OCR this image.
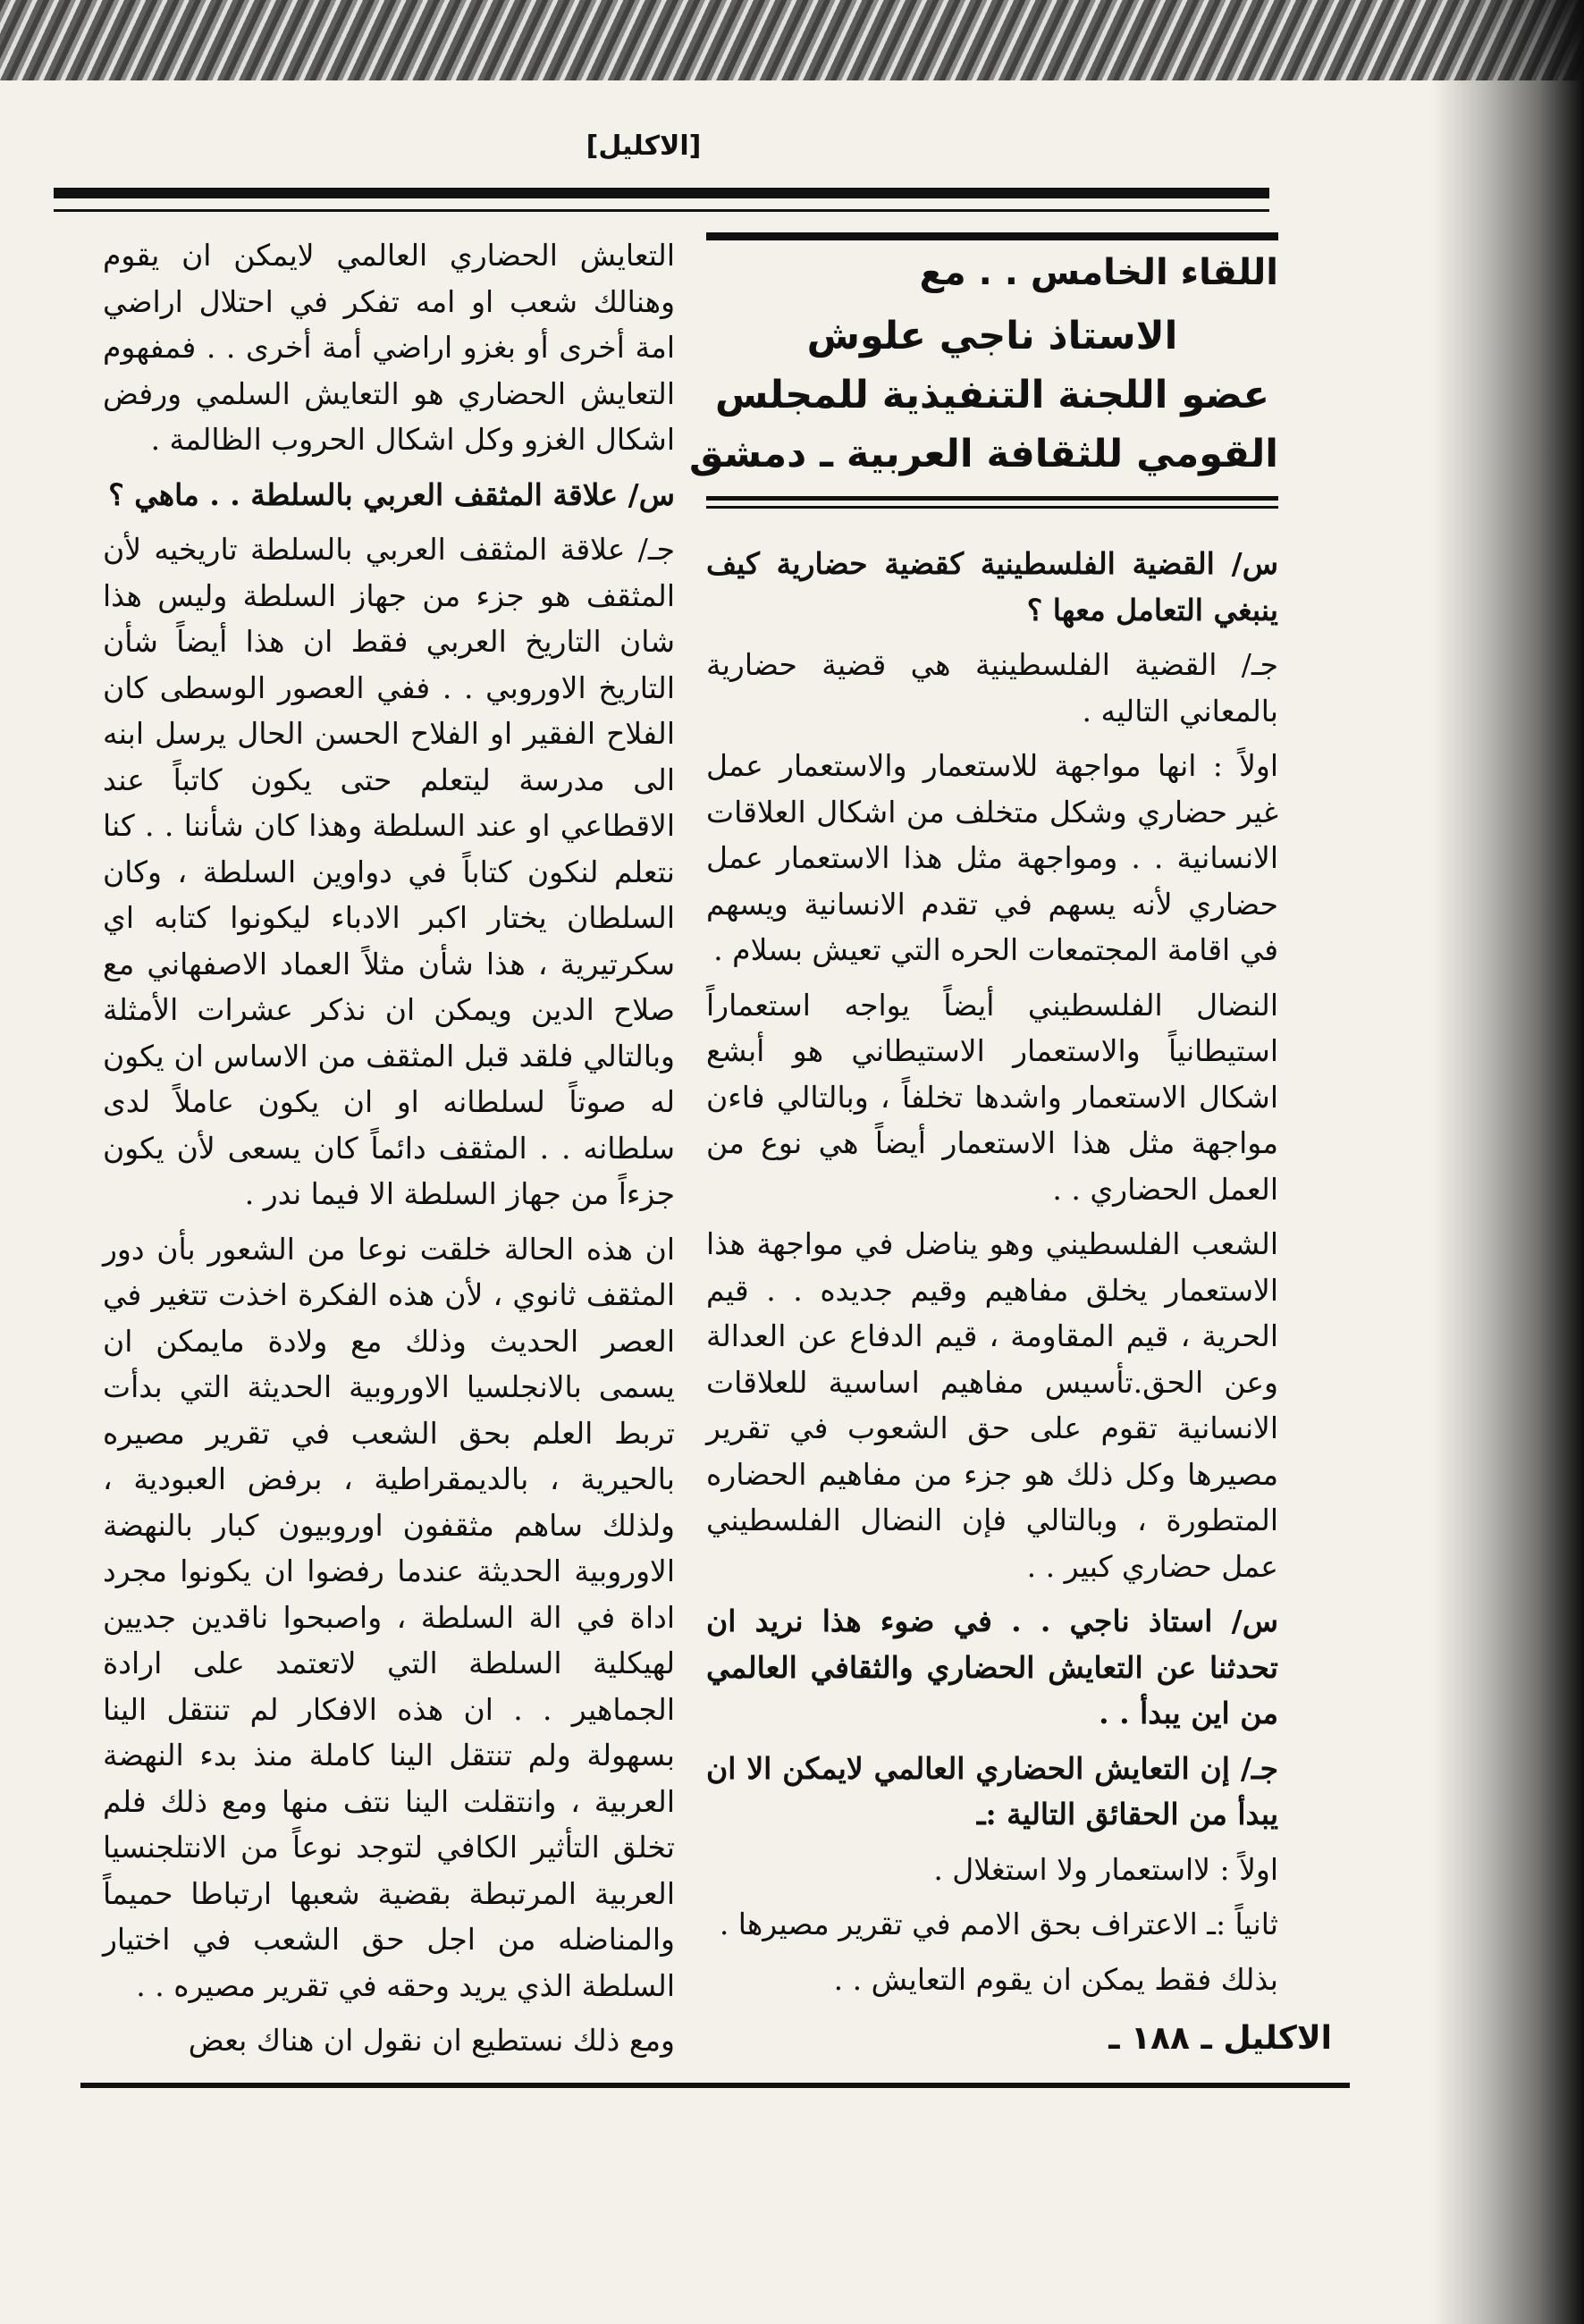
[الاكليل]
اللقاء الخامس . . مع
الاستاذ ناجي علوش
عضو اللجنة التنفيذية للمجلس
القومي للثقافة العربية ـ دمشق

س/ القضية الفلسطينية كقضية حضارية كيف ينبغي التعامل معها ؟

جـ/ القضية الفلسطينية هي قضية حضارية بالمعاني التاليه .

اولاً : انها مواجهة للاستعمار والاستعمار عمل غير حضاري وشكل متخلف من اشكال العلاقات الانسانية . . ومواجهة مثل هذا الاستعمار عمل حضاري لأنه يسهم في تقدم الانسانية ويسهم في اقامة المجتمعات الحره التي تعيش بسلام .

النضال الفلسطيني أيضاً يواجه استعماراً استيطانياً والاستعمار الاستيطاني هو أبشع اشكال الاستعمار واشدها تخلفاً ، وبالتالي فاءن مواجهة مثل هذا الاستعمار أيضاً هي نوع من العمل الحضاري . .

الشعب الفلسطيني وهو يناضل في مواجهة هذا الاستعمار يخلق مفاهيم وقيم جديده . . قيم الحرية ، قيم المقاومة ، قيم الدفاع عن العدالة وعن الحق.تأسيس مفاهيم اساسية للعلاقات الانسانية تقوم على حق الشعوب في تقرير مصيرها وكل ذلك هو جزء من مفاهيم الحضاره المتطورة ، وبالتالي فإن النضال الفلسطيني عمل حضاري كبير . .

س/ استاذ ناجي . . في ضوء هذا نريد ان تحدثنا عن التعايش الحضاري والثقافي العالمي من اين يبدأ . .

جـ/ إن التعايش الحضاري العالمي لايمكن الا ان يبدأ من الحقائق التالية :ـ

اولاً : لااستعمار ولا استغلال .

ثانياً :ـ الاعتراف بحق الامم في تقرير مصيرها .

بذلك فقط يمكن ان يقوم التعايش . .

التعايش الحضاري العالمي لايمكن ان يقوم وهنالك شعب او امه تفكر في احتلال اراضي امة أخرى أو بغزو اراضي أمة أخرى . . فمفهوم التعايش الحضاري هو التعايش السلمي ورفض اشكال الغزو وكل اشكال الحروب الظالمة .

س/ علاقة المثقف العربي بالسلطة . . ماهي ؟

جـ/ علاقة المثقف العربي بالسلطة تاريخيه لأن المثقف هو جزء من جهاز السلطة وليس هذا شان التاريخ العربي فقط ان هذا أيضاً شأن التاريخ الاوروبي . . ففي العصور الوسطى كان الفلاح الفقير او الفلاح الحسن الحال يرسل ابنه الى مدرسة ليتعلم حتى يكون كاتباً عند الاقطاعي او عند السلطة وهذا كان شأننا . . كنا نتعلم لنكون كتاباً في دواوين السلطة ، وكان السلطان يختار اكبر الادباء ليكونوا كتابه اي سكرتيرية ، هذا شأن مثلاً العماد الاصفهاني مع صلاح الدين ويمكن ان نذكر عشرات الأمثلة وبالتالي فلقد قبل المثقف من الاساس ان يكون له صوتاً لسلطانه او ان يكون عاملاً لدى سلطانه . . المثقف دائماً كان يسعى لأن يكون جزءاً من جهاز السلطة الا فيما ندر .

ان هذه الحالة خلقت نوعا من الشعور بأن دور المثقف ثانوي ، لأن هذه الفكرة اخذت تتغير في العصر الحديث وذلك مع ولادة مايمكن ان يسمى بالانجلسيا الاوروبية الحديثة التي بدأت تربط العلم بحق الشعب في تقرير مصيره بالحيرية ، بالديمقراطية ، برفض العبودية ، ولذلك ساهم مثقفون اوروبيون كبار بالنهضة الاوروبية الحديثة عندما رفضوا ان يكونوا مجرد اداة في الة السلطة ، واصبحوا ناقدين جديين لهيكلية السلطة التي لاتعتمد على ارادة الجماهير . . ان هذه الافكار لم تنتقل الينا بسهولة ولم تنتقل الينا كاملة منذ بدء النهضة العربية ، وانتقلت الينا نتف منها ومع ذلك فلم تخلق التأثير الكافي لتوجد نوعاً من الانتلجنسيا العربية المرتبطة بقضية شعبها ارتباطا حميماً والمناضله من اجل حق الشعب في اختيار السلطة الذي يريد وحقه في تقرير مصيره . .

ومع ذلك نستطيع ان نقول ان هناك بعض	الاكليل ـ ١٨٨ ـ
